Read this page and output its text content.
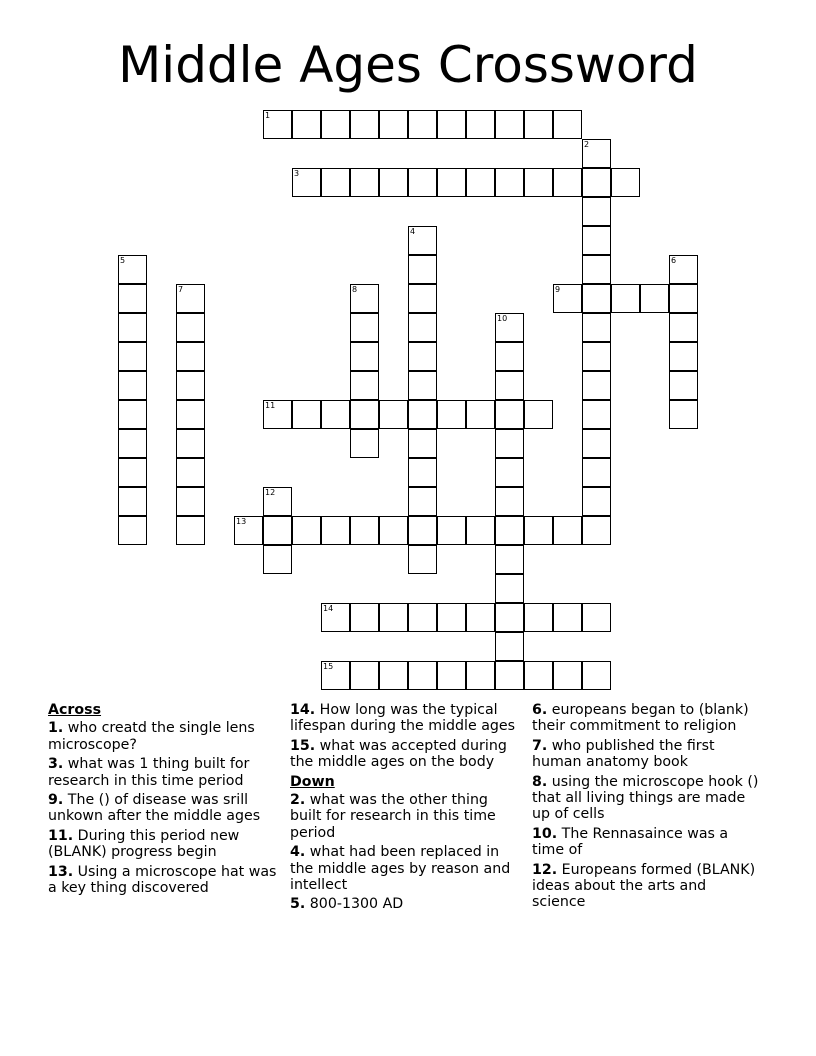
Middle Ages Crossword
1
2
3
4
5	6
7	8	9
10
11
12
13
14
15
Across
1. who creatd the single lens microscope?
3. what was 1 thing built for research in this time period
9. The () of disease was srill unkown after the middle ages
11. During this period new (BLANK) progress begin
13. Using a microscope hat was a key thing discovered
14. How long was the typical lifespan during the middle ages
15. what was accepted during the middle ages on the body
Down
2. what was the other thing built for research in this time period
4. what had been replaced in the middle ages by reason and intellect
5. 800-1300 AD
6. europeans began to (blank) their commitment to religion
7. who published the first human anatomy book
8. using the microscope hook () that all living things are made up of cells
10. The Rennasaince was a time of
12. Europeans formed (BLANK) ideas about the arts and science
